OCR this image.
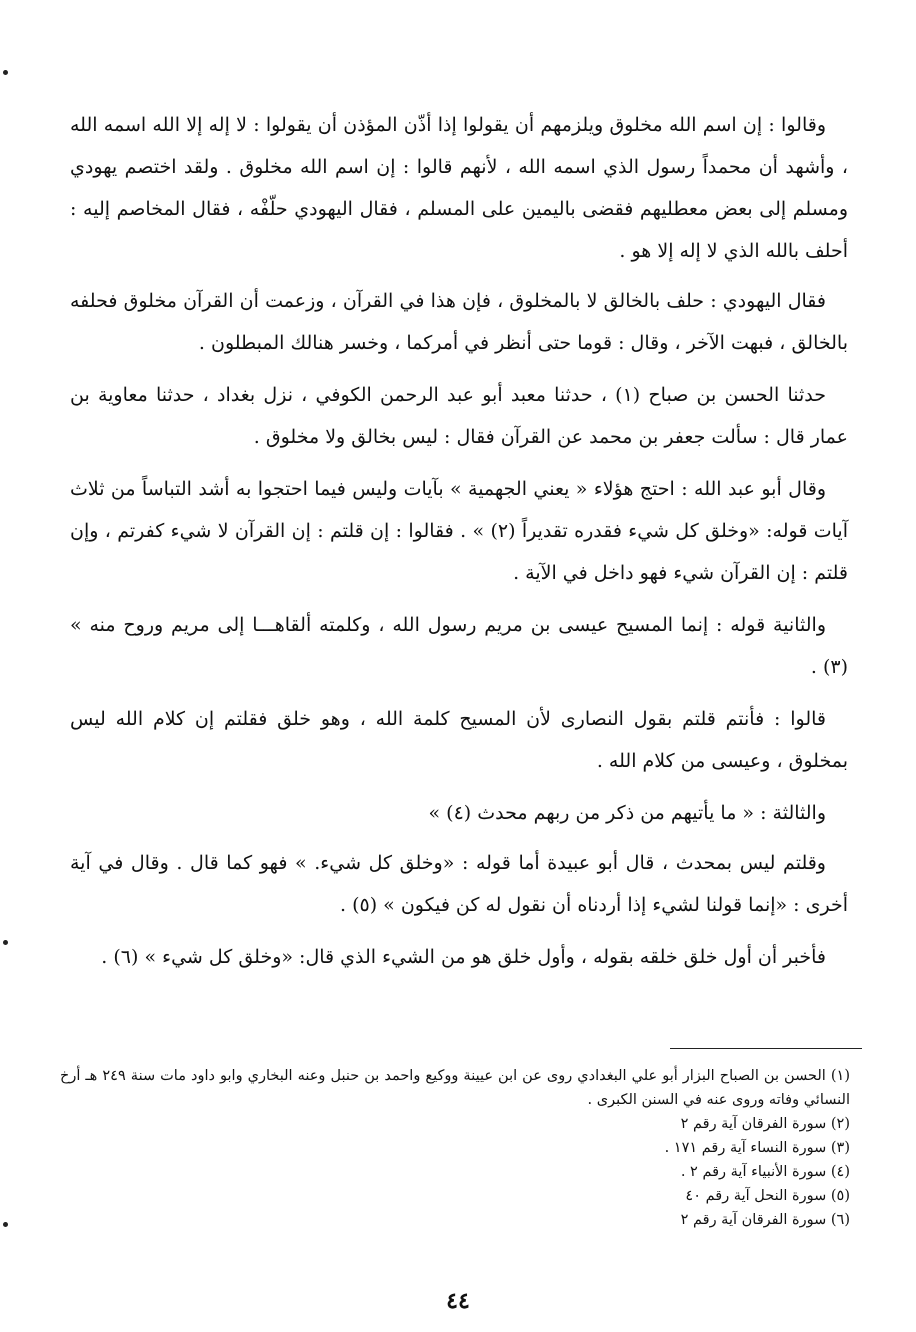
وقالوا : إن اسم الله مخلوق ويلزمهم أن يقولوا إذا أذّن المؤذن أن يقولوا : لا إله إلا الله اسمه الله ، وأشهد أن محمداً رسول الذي اسمه الله ، لأنهم قالوا : إن اسم الله مخلوق . ولقد اختصم يهودي ومسلم إلى بعض معطليهم فقضى باليمين على المسلم ، فقال اليهودي حلّفْه ، فقال المخاصم إليه : أحلف بالله الذي لا إله إلا هو .

فقال اليهودي : حلف بالخالق لا بالمخلوق ، فإن هذا في القرآن ، وزعمت أن القرآن مخلوق فحلفه بالخالق ، فبهت الآخر ، وقال : قوما حتى أنظر في أمركما ، وخسر هنالك المبطلون .

حدثنا الحسن بن صباح (١) ، حدثنا معبد أبو عبد الرحمن الكوفي ، نزل بغداد ، حدثنا معاوية بن عمار قال : سألت جعفر بن محمد عن القرآن فقال : ليس بخالق ولا مخلوق .

وقال أبو عبد الله : احتج هؤلاء « يعني الجهمية » بآيات وليس فيما احتجوا به أشد التباساً من ثلاث آيات قوله: «وخلق كل شيء فقدره تقديراً (٢) » . فقالوا : إن قلتم : إن القرآن لا شيء كفرتم ، وإن قلتم : إن القرآن شيء فهو داخل في الآية .

والثانية قوله : إنما المسيح عيسى بن مريم رسول الله ، وكلمته ألقاهـــا إلى مريم وروح منه » (٣) .

قالوا : فأنتم قلتم بقول النصارى لأن المسيح كلمة الله ، وهو خلق فقلتم إن كلام الله ليس بمخلوق ، وعيسى من كلام الله .

والثالثة : « ما يأتيهم من ذكر من ربهم محدث (٤) »

وقلتم ليس بمحدث ، قال أبو عبيدة أما قوله : «وخلق كل شيء. » فهو كما قال . وقال في آية أخرى : «إنما قولنا لشيء إذا أردناه أن نقول له كن فيكون » (٥) .

فأخبر أن أول خلق خلقه بقوله ، وأول خلق هو من الشيء الذي قال: «وخلق كل شيء » (٦) .

(١) الحسن بن الصباح البزار أبو علي البغدادي روى عن ابن عيينة ووكيع واحمد بن حنبل وعنه البخاري وابو داود مات سنة ٢٤٩ هـ أرخ النسائي وفاته وروى عنه في السنن الكبرى .

(٢) سورة الفرقان آية رقم ٢

(٣) سورة النساء آية رقم ١٧١ .

(٤) سورة الأنبياء آية رقم ٢ .

(٥) سورة النحل آية رقم ٤٠

(٦) سورة الفرقان آية رقم ٢

٤٤
